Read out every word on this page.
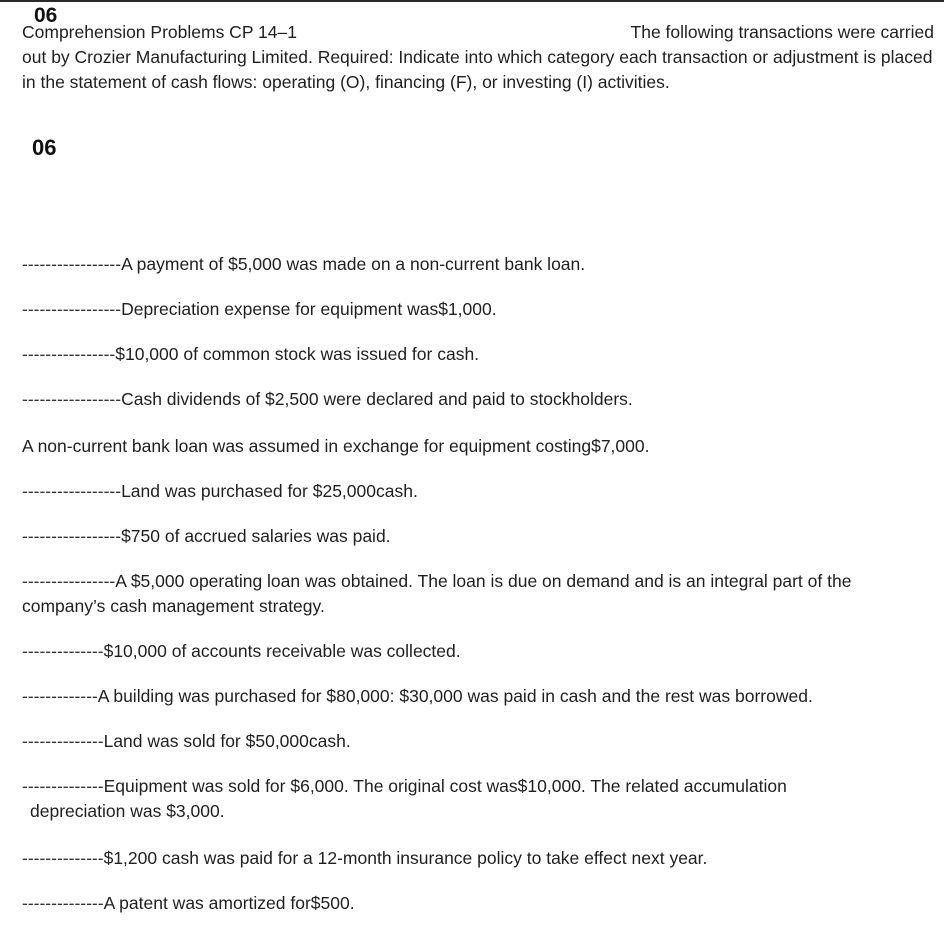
06
Comprehension Problems CP 14–1	The following transactions were carried
out by Crozier Manufacturing Limited. Required: Indicate into which category each transaction or adjustment is placed in the statement of cash flows: operating (O), financing (F), or investing (I) activities.
06
-----------------A payment of $5,000 was made on a non-current bank loan.
-----------------Depreciation expense for equipment was$1,000.
----------------$10,000 of common stock was issued for cash.
-----------------Cash dividends of $2,500 were declared and paid to stockholders.
A non-current bank loan was assumed in exchange for equipment costing$7,000.
-----------------Land was purchased for $25,000cash.
-----------------$750 of accrued salaries was paid.
----------------A $5,000 operating loan was obtained. The loan is due on demand and is an integral part of the company’s cash management strategy.
--------------$10,000 of accounts receivable was collected.
-------------A building was purchased for $80,000: $30,000 was paid in cash and the rest was borrowed.
--------------Land was sold for $50,000cash.
--------------Equipment was sold for $6,000. The original cost was$10,000. The related accumulation
depreciation was $3,000.
--------------$1,200 cash was paid for a 12-month insurance policy to take effect next year.
--------------A patent was amortized for$500.
